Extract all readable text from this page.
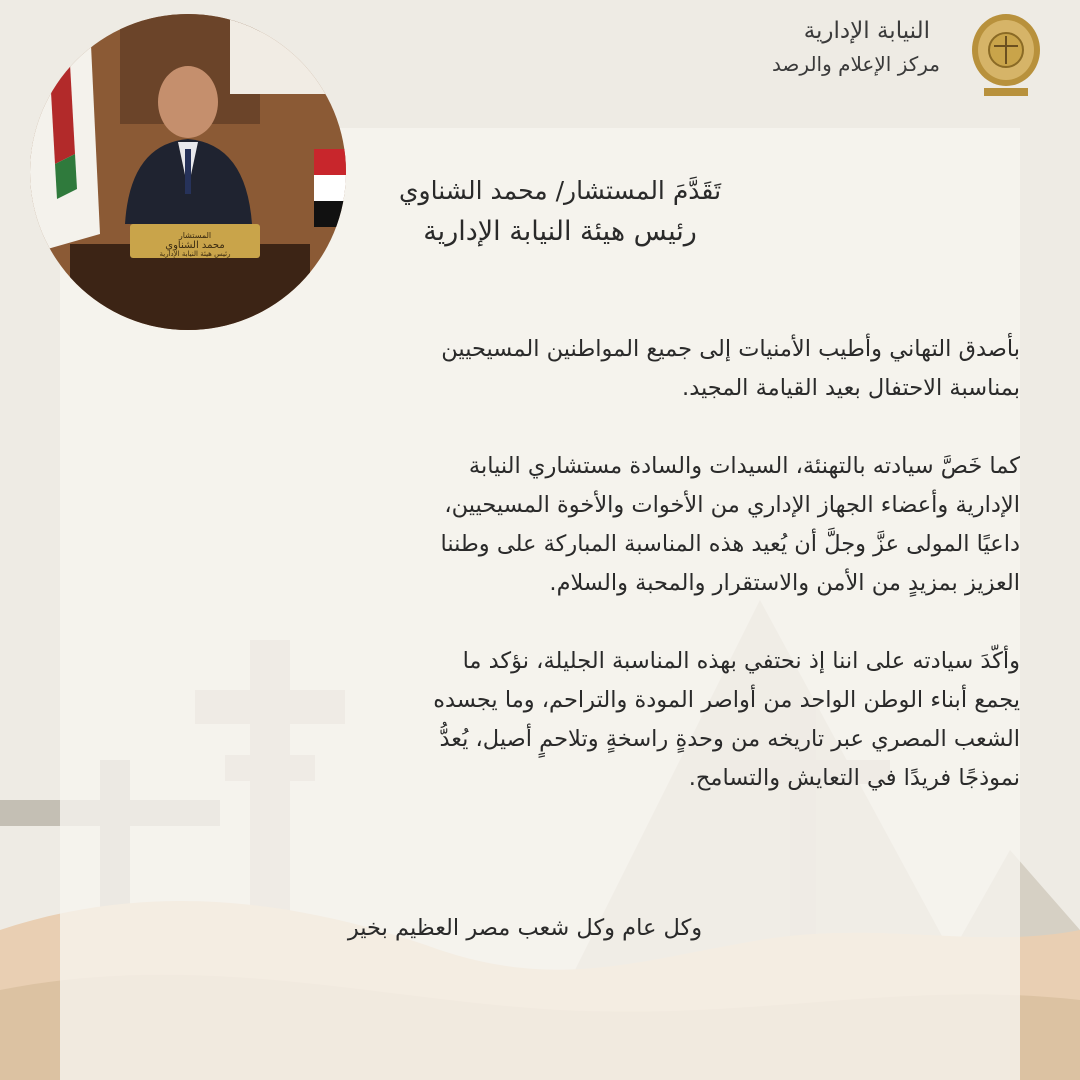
النيابة الإدارية
مركز الإعلام والرصد
المستشار
محمد الشناوي
رئيس هيئة النيابة الإدارية
تَقَدَّمَ المستشار/ محمد الشناوي
رئيس هيئة النيابة الإدارية
بأصدق التهاني وأطيب الأمنيات إلى جميع المواطنين المسيحيين
بمناسبة الاحتفال بعيد القيامة المجيد.
كما خَصَّ سيادته بالتهنئة، السيدات والسادة مستشاري النيابة
الإدارية وأعضاء الجهاز الإداري من الأخوات والأخوة المسيحيين،
داعيًا المولى عزَّ وجلَّ أن يُعيد هذه المناسبة المباركة على وطننا
العزيز بمزيدٍ من الأمن والاستقرار والمحبة والسلام.
وأكّدَ سيادته على اننا إذ نحتفي بهذه المناسبة الجليلة، نؤكد ما
يجمع أبناء الوطن الواحد من أواصر المودة والتراحم، وما يجسده
الشعب المصري عبر تاريخه من وحدةٍ راسخةٍ وتلاحمٍ أصيل، يُعدُّ
نموذجًا فريدًا في التعايش والتسامح.
وكل عام وكل شعب مصر العظيم بخير
